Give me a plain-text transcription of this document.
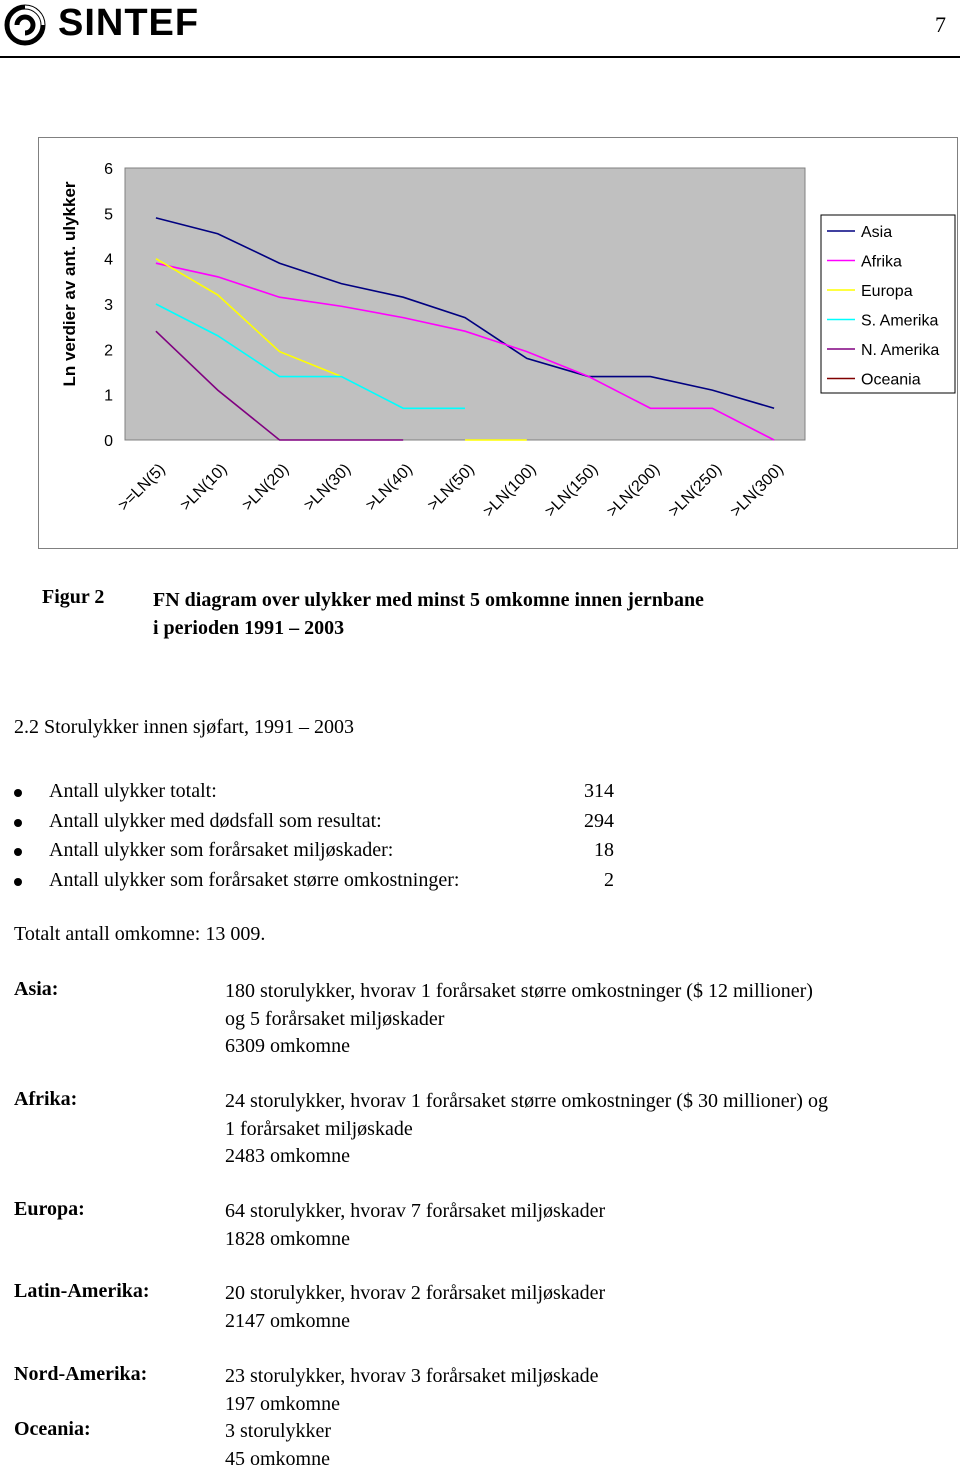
SINTEF	7
0
1
2
3
4
5
6
Ln verdier av ant. ulykker
>=LN(5) >LN(10) >LN(20) >LN(30) >LN(40) >LN(50) >LN(100) >LN(150) >LN(200) >LN(250) >LN(300)
Asia
Afrika
Europa
S. Amerika
N. Amerika
Oceania
Figur 2 FN diagram over ulykker med minst 5 omkomne innen jernbane
i perioden 1991 – 2003
2.2 Storulykker innen sjøfart, 1991 – 2003
Antall ulykker totalt:	314
Antall ulykker med dødsfall som resultat:	294
Antall ulykker som forårsaket miljøskader:	18
Antall ulykker som forårsaket større omkostninger:	2
Totalt antall omkomne: 13 009.
Asia:	180 storulykker, hvorav 1 forårsaket større omkostninger ($ 12 millioner)
og 5 forårsaket miljøskader
6309 omkomne
Afrika:	24 storulykker, hvorav 1 forårsaket større omkostninger ($ 30 millioner) og
1 forårsaket miljøskade
2483 omkomne
Europa:	64 storulykker, hvorav 7 forårsaket miljøskader
1828 omkomne
Latin-Amerika:	20 storulykker, hvorav 2 forårsaket miljøskader
2147 omkomne
Nord-Amerika:	23 storulykker, hvorav 3 forårsaket miljøskade
197 omkomne
Oceania:	3 storulykker
45 omkomne
